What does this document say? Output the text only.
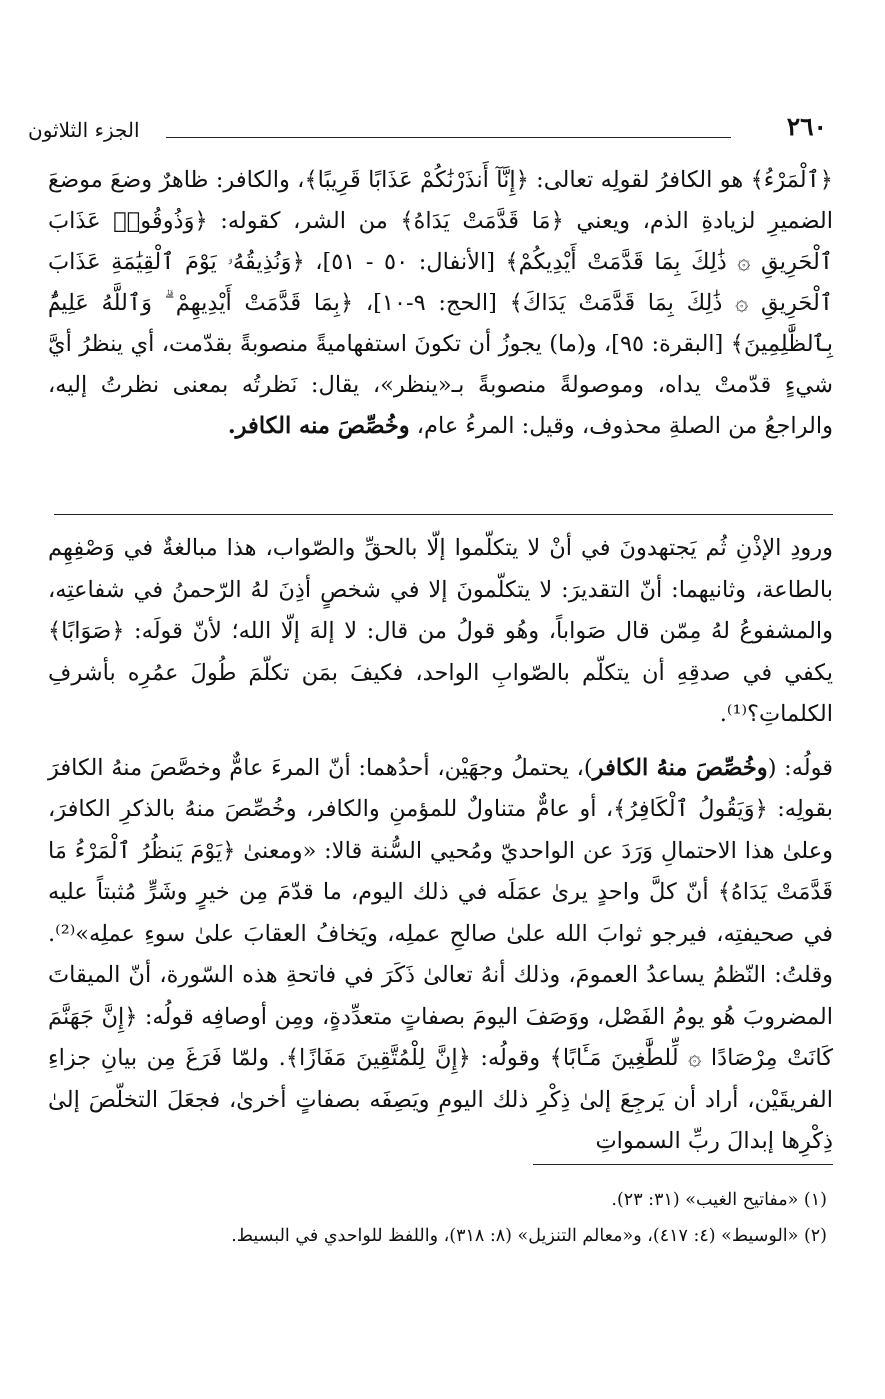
٢٦٠
الجزء الثلاثون

﴿ٱلْمَرْءُ﴾ هو الكافرُ لقولِه تعالى: ﴿إِنَّآ أَنذَرْنَٰكُمْ عَذَابًا قَرِيبًا﴾، والكافر: ظاهرٌ وضعَ موضعَ الضميرِ لزيادةِ الذم، ويعني ﴿مَا قَدَّمَتْ يَدَاهُ﴾ من الشر، كقوله: ﴿وَذُوقُوا۟ عَذَابَ ٱلْحَرِيقِ ۞ ذَٰلِكَ بِمَا قَدَّمَتْ أَيْدِيكُمْ﴾ [الأنفال: ٥٠ - ٥١]، ﴿وَنُذِيقُهُۥ يَوْمَ ٱلْقِيَٰمَةِ عَذَابَ ٱلْحَرِيقِ ۞ ذَٰلِكَ بِمَا قَدَّمَتْ يَدَاكَ﴾ [الحج: ٩-١٠]، ﴿بِمَا قَدَّمَتْ أَيْدِيهِمْ ۗ وَٱللَّهُ عَلِيمٌۢ بِٱلظَّٰلِمِينَ﴾ [البقرة: ٩٥]، و(ما) يجوزُ أن تكونَ استفهاميةً منصوبةً بقدّمت، أي ينظرُ أيَّ شيءٍ قدّمتْ يداه، وموصولةً منصوبةً بـ«ينظر»، يقال: نَظرتُه بمعنى نظرتُ إليه، والراجعُ من الصلةِ محذوف، وقيل: المرءُ عام، وخُصِّصَ منه الكافر.

ورودِ الإذْنِ ثُم يَجتهدونَ في أنْ لا يتكلّموا إلّا بالحقِّ والصّواب، هذا مبالغةٌ في وَصْفِهِم بالطاعة، وثانيهما: أنّ التقديرَ: لا يتكلّمونَ إلا في شخصٍ أذِنَ لهُ الرّحمنُ في شفاعتِه، والمشفوعُ لهُ مِمّن قال صَواباً، وهُو قولُ من قال: لا إلهَ إلّا الله؛ لأنّ قولَه: ﴿صَوَابًا﴾ يكفي في صدقِهِ أن يتكلّم بالصّوابِ الواحد، فكيفَ بمَن تكلّمَ طُولَ عمُرِه بأشرفِ الكلماتِ؟⁽¹⁾.

قولُه: (وخُصِّصَ منهُ الكافر)، يحتملُ وجهَيْن، أحدُهما: أنّ المرءَ عامٌّ وخصَّصَ منهُ الكافرَ بقولِه: ﴿وَيَقُولُ ٱلْكَافِرُ﴾، أو عامٌّ متناولٌ للمؤمنِ والكافر، وخُصِّصَ منهُ بالذكرِ الكافرَ، وعلىٰ هذا الاحتمالِ وَرَدَ عن الواحديّ ومُحيي السُّنة قالا: «ومعنىٰ ﴿يَوْمَ يَنظُرُ ٱلْمَرْءُ مَا قَدَّمَتْ يَدَاهُ﴾ أنّ كلَّ واحدٍ يرىٰ عمَلَه في ذلك اليوم، ما قدّمَ مِن خيرٍ وشَرٍّ مُثبتاً عليه في صحيفتِه، فيرجو ثوابَ الله علىٰ صالحِ عملِه، ويَخافُ العقابَ علىٰ سوءِ عملِه»⁽²⁾. وقلتُ: النّظمُ يساعدُ العمومَ، وذلك أنهُ تعالىٰ ذَكَرَ في فاتحةِ هذه السّورة، أنّ الميقاتَ المضروبَ هُو يومُ الفَصْل، ووَصَفَ اليومَ بصفاتٍ متعدِّدةٍ، ومِن أوصافِه قولُه: ﴿إِنَّ جَهَنَّمَ كَانَتْ مِرْصَادًا ۞ لِّلطَّٰغِينَ مَـَٔابًا﴾ وقولُه: ﴿إِنَّ لِلْمُتَّقِينَ مَفَازًا﴾. ولمّا فَرَغَ مِن بيانِ جزاءِ الفريقَيْن، أراد أن يَرجِعَ إلىٰ ذِكْرِ ذلك اليومِ ويَصِفَه بصفاتٍ أخرىٰ، فجعَلَ التخلّصَ إلىٰ ذِكْرِها إبدالَ ربِّ السمواتِ

(١) «مفاتيح الغيب» (٣١: ٢٣).
(٢) «الوسيط» (٤: ٤١٧)، و«معالم التنزيل» (٨: ٣١٨)، واللفظ للواحدي في البسيط.
